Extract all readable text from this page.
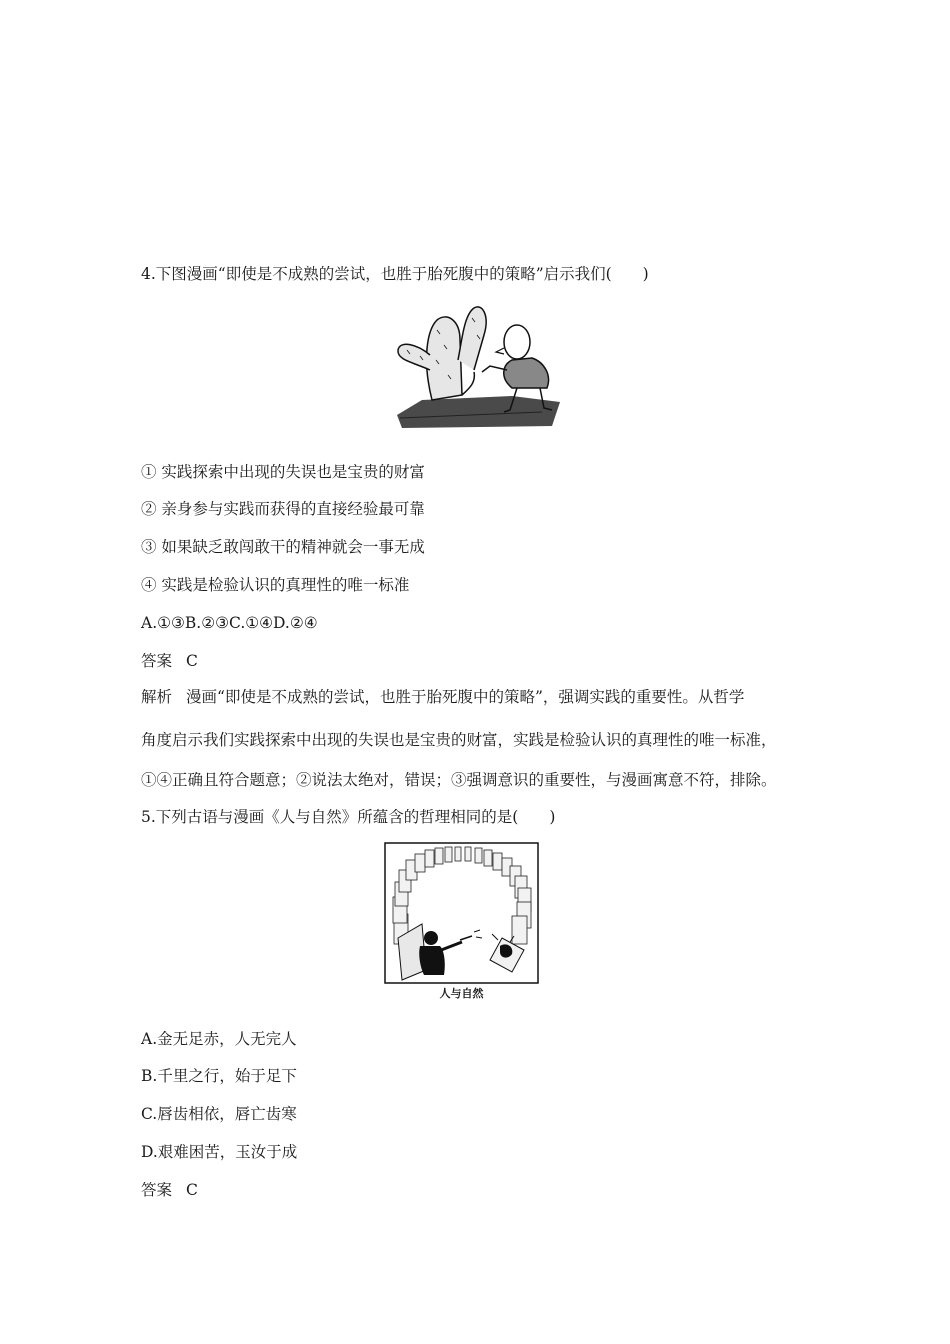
4.下图漫画“即使是不成熟的尝试，也胜于胎死腹中的策略”启示我们(　　)
① 实践探索中出现的失误也是宝贵的财富
② 亲身参与实践而获得的直接经验最可靠
③ 如果缺乏敢闯敢干的精神就会一事无成
④ 实践是检验认识的真理性的唯一标准
A.①③B.②③C.①④D.②④
答案 C
解析 漫画“即使是不成熟的尝试，也胜于胎死腹中的策略”，强调实践的重要性。从哲学
角度启示我们实践探索中出现的失误也是宝贵的财富，实践是检验认识的真理性的唯一标准，
①④正确且符合题意；②说法太绝对，错误；③强调意识的重要性，与漫画寓意不符，排除。
5.下列古语与漫画《人与自然》所蕴含的哲理相同的是(　　)
人与自然
A.金无足赤，人无完人
B.千里之行，始于足下
C.唇齿相依，唇亡齿寒
D.艰难困苦，玉汝于成
答案 C
